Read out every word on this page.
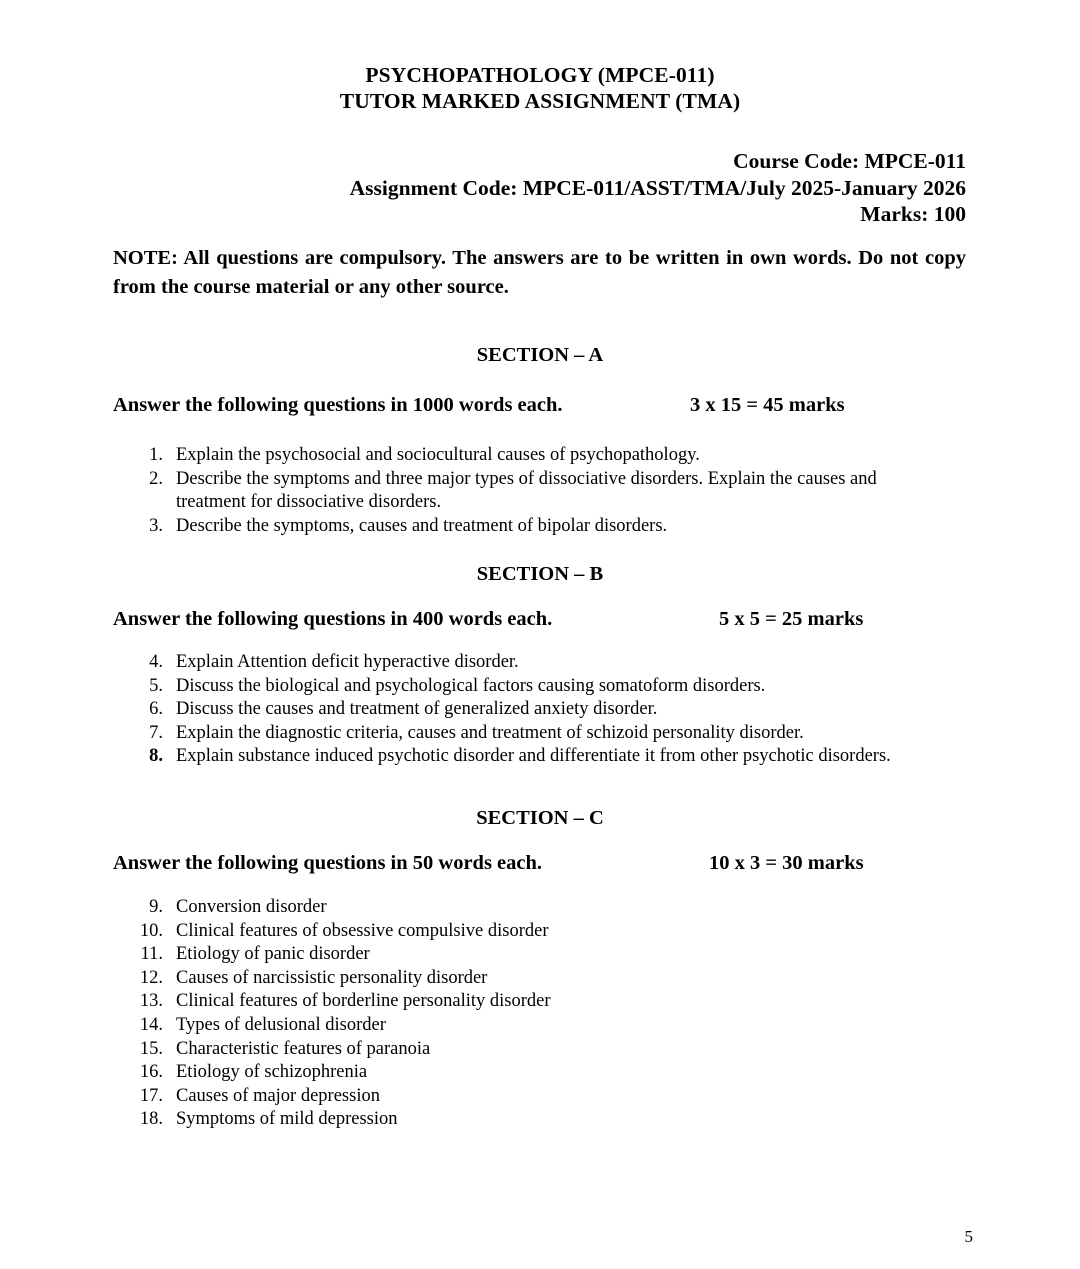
PSYCHOPATHOLOGY (MPCE-011)
TUTOR MARKED ASSIGNMENT (TMA)
Course Code: MPCE-011
Assignment Code: MPCE-011/ASST/TMA/July 2025-January 2026
Marks: 100
NOTE: All questions are compulsory. The answers are to be written in own words. Do not copy from the course material or any other source.
SECTION – A
Answer the following questions in 1000 words each.	3 x 15 = 45 marks
1. Explain the psychosocial and sociocultural causes of psychopathology.
2. Describe the symptoms and three major types of dissociative disorders. Explain the causes and treatment for dissociative disorders.
3. Describe the symptoms, causes and treatment of bipolar disorders.
SECTION – B
Answer the following questions in 400 words each.	5 x 5 = 25 marks
4. Explain Attention deficit hyperactive disorder.
5. Discuss the biological and psychological factors causing somatoform disorders.
6. Discuss the causes and treatment of generalized anxiety disorder.
7. Explain the diagnostic criteria, causes and treatment of schizoid personality disorder.
8. Explain substance induced psychotic disorder and differentiate it from other psychotic disorders.
SECTION – C
Answer the following questions in 50 words each.	10 x 3 = 30 marks
9. Conversion disorder
10. Clinical features of obsessive compulsive disorder
11. Etiology of panic disorder
12. Causes of narcissistic personality disorder
13. Clinical features of borderline personality disorder
14. Types of delusional disorder
15. Characteristic features of paranoia
16. Etiology of schizophrenia
17. Causes of major depression
18. Symptoms of mild depression
5
